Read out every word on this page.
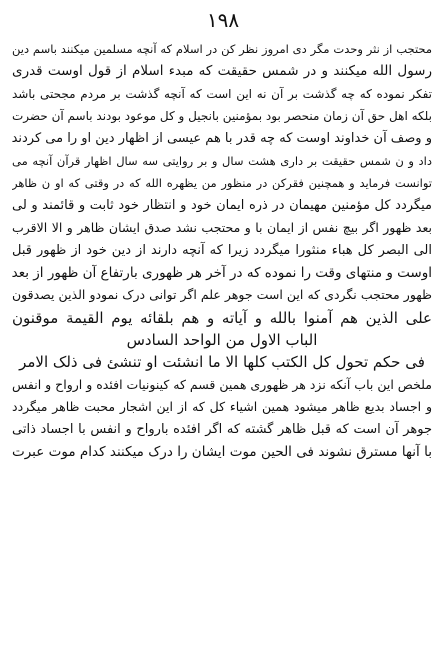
۱۹۸
محتجب از نثر وحدت مگر دی امروز نظر کن در اسلام که آنچه مسلمین میکنند باسم دین
رسول الله میکنند و در شمس حقیقت که مبدء اسلام از قول اوست قدری
تفکر نموده که چه گذشت بر آن نه این است که آنچه گذشت بر مردم مجحتی باشد
بلکه اهل حق آن زمان منحصر بود بمؤمنین بانجیل و کل موعود بودند باسم آن حضرت
و وصف آن خداوند اوست که چه قدر با هم عیسی از اظهار دین او را می کردند
داد و ن شمس حقیقت بر داری هشت سال و بر روایتی سه سال اظهار قرآن آنچه می
توانست فرماید و همچنین فقرکن در منظور من یظهره الله که در وقتی که او ن ظاهر
میگردد کل مؤمنین مهیمان در ذره ایمان خود و انتظار خود ثابت و قائمند و لی
بعد ظهور اگر بیچ نفس از ایمان با و محتجب نشد صدق ایشان ظاهر و الا الاقرب
الی البصر کل هباء منثورا میگردد زیرا که آنچه دارند از دین خود از ظهور قبل
اوست و منتهای وقت را نموده که در آخر هر ظهوری بارتفاع آن ظهور از بعد
ظهور محتجب نگردی که این است جوهر علم اگر توانی درک نمودو الذین یصدقون
علی الذین هم آمنوا بالله و آیاته و هم بلقائه یوم القیمة موقنون
الباب الاول من الواحد السادس
فی حکم تحول کل الکتب کلها الا ما انشئت او تنشئ فی ذلک الامر
ملخص این باب آنکه نزد هر ظهوری همین قسم که کینونیات افئده و ارواح و انفس
و اجساد بدیع ظاهر میشود همین اشیاء کل که از این اشجار محبت ظاهر میگردد
جوهر آن است که قبل ظاهر گشته که اگر افئده بارواح و انفس با اجساد ذاتی
با آنها مسترق نشوند فی الحین موت ایشان را درک میکنند کدام موت عبرت
